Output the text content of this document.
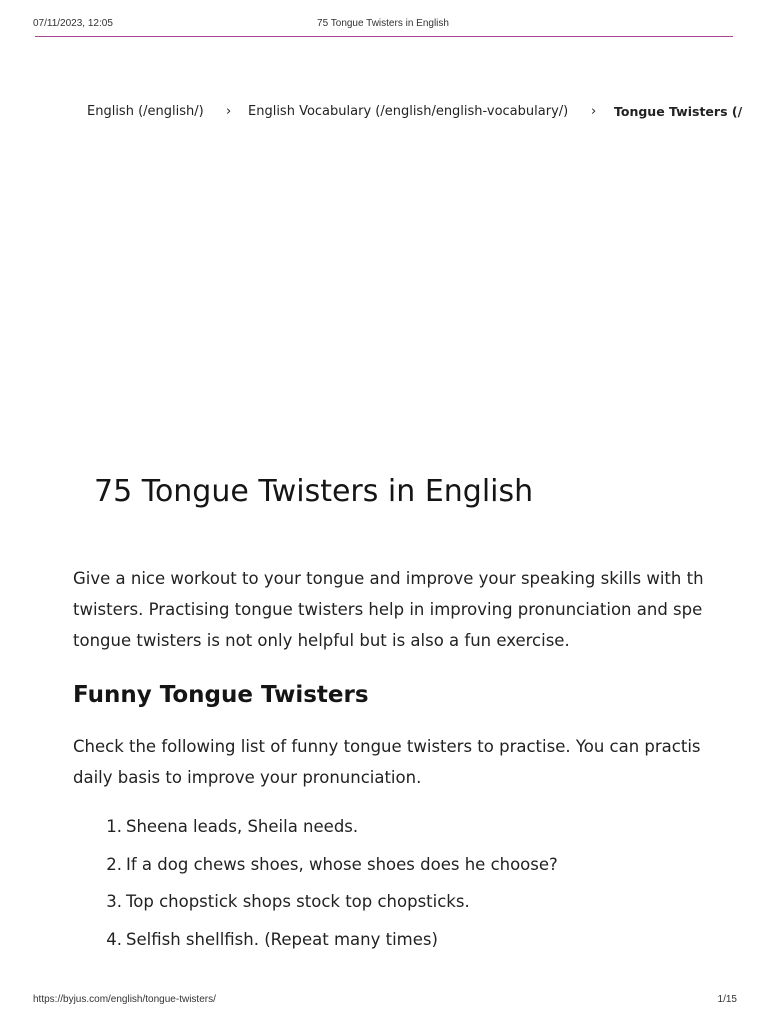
07/11/2023, 12:05	75 Tongue Twisters in English
English (/english/) › English Vocabulary (/english/english-vocabulary/) › Tongue Twisters (/
75 Tongue Twisters in English

Give a nice workout to your tongue and improve your speaking skills with th
twisters. Practising tongue twisters help in improving pronunciation and spe
tongue twisters is not only helpful but is also a fun exercise.

Funny Tongue Twisters

Check the following list of funny tongue twisters to practise. You can practis
daily basis to improve your pronunciation.

1. Sheena leads, Sheila needs.
2. If a dog chews shoes, whose shoes does he choose?
3. Top chopstick shops stock top chopsticks.
4. Selfish shellfish. (Repeat many times)
https://byjus.com/english/tongue-twisters/	1/15
